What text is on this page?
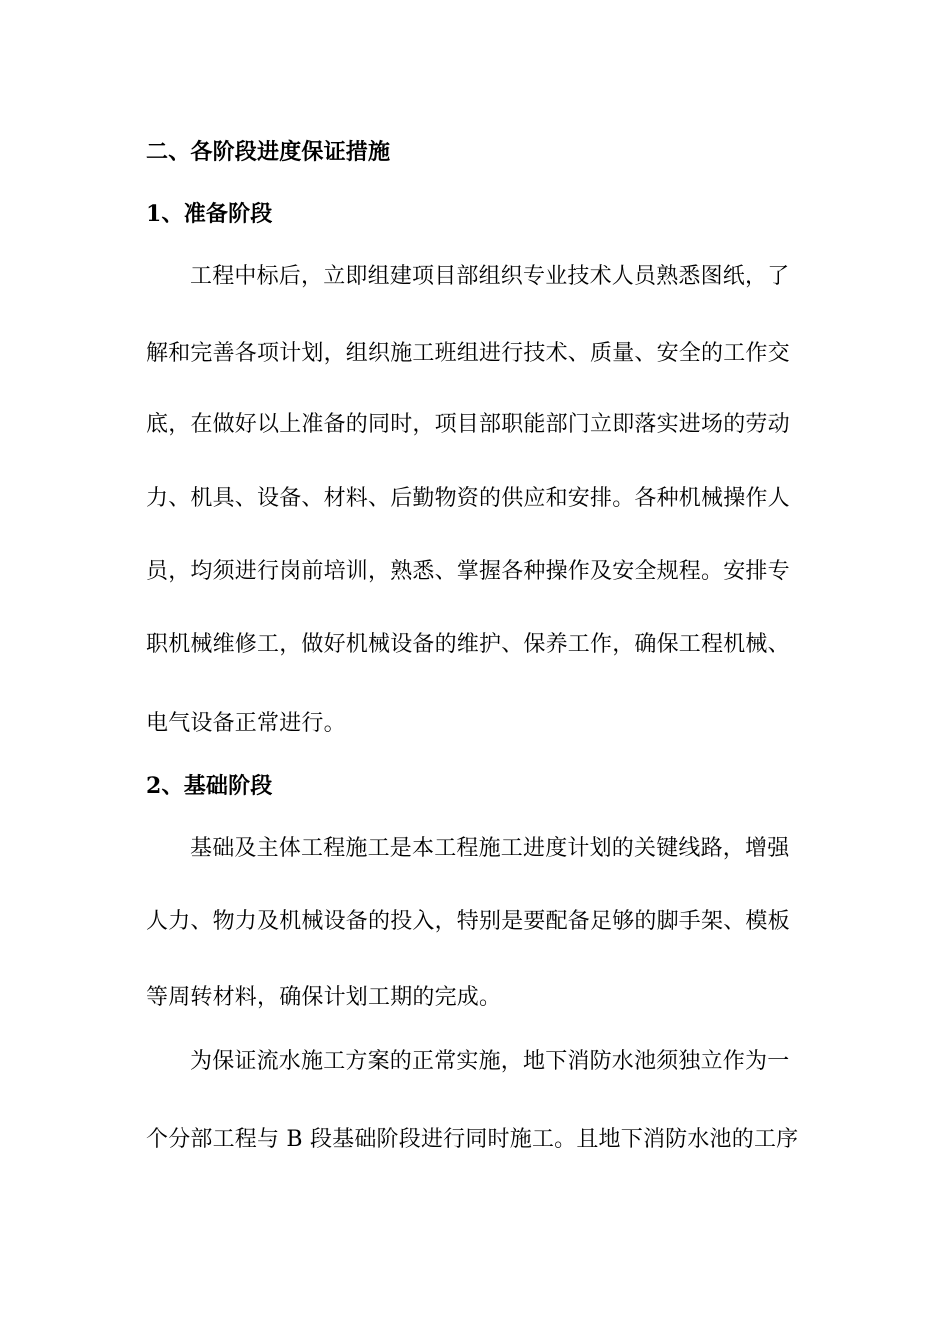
二、各阶段进度保证措施
1、准备阶段
工程中标后，立即组建项目部组织专业技术人员熟悉图纸，了
解和完善各项计划，组织施工班组进行技术、质量、安全的工作交
底，在做好以上准备的同时，项目部职能部门立即落实进场的劳动
力、机具、设备、材料、后勤物资的供应和安排。各种机械操作人
员，均须进行岗前培训，熟悉、掌握各种操作及安全规程。安排专
职机械维修工，做好机械设备的维护、保养工作，确保工程机械、
电气设备正常进行。
2、基础阶段
基础及主体工程施工是本工程施工进度计划的关键线路，增强
人力、物力及机械设备的投入，特别是要配备足够的脚手架、模板
等周转材料，确保计划工期的完成。
为保证流水施工方案的正常实施，地下消防水池须独立作为一
个分部工程与 B 段基础阶段进行同时施工。且地下消防水池的工序
